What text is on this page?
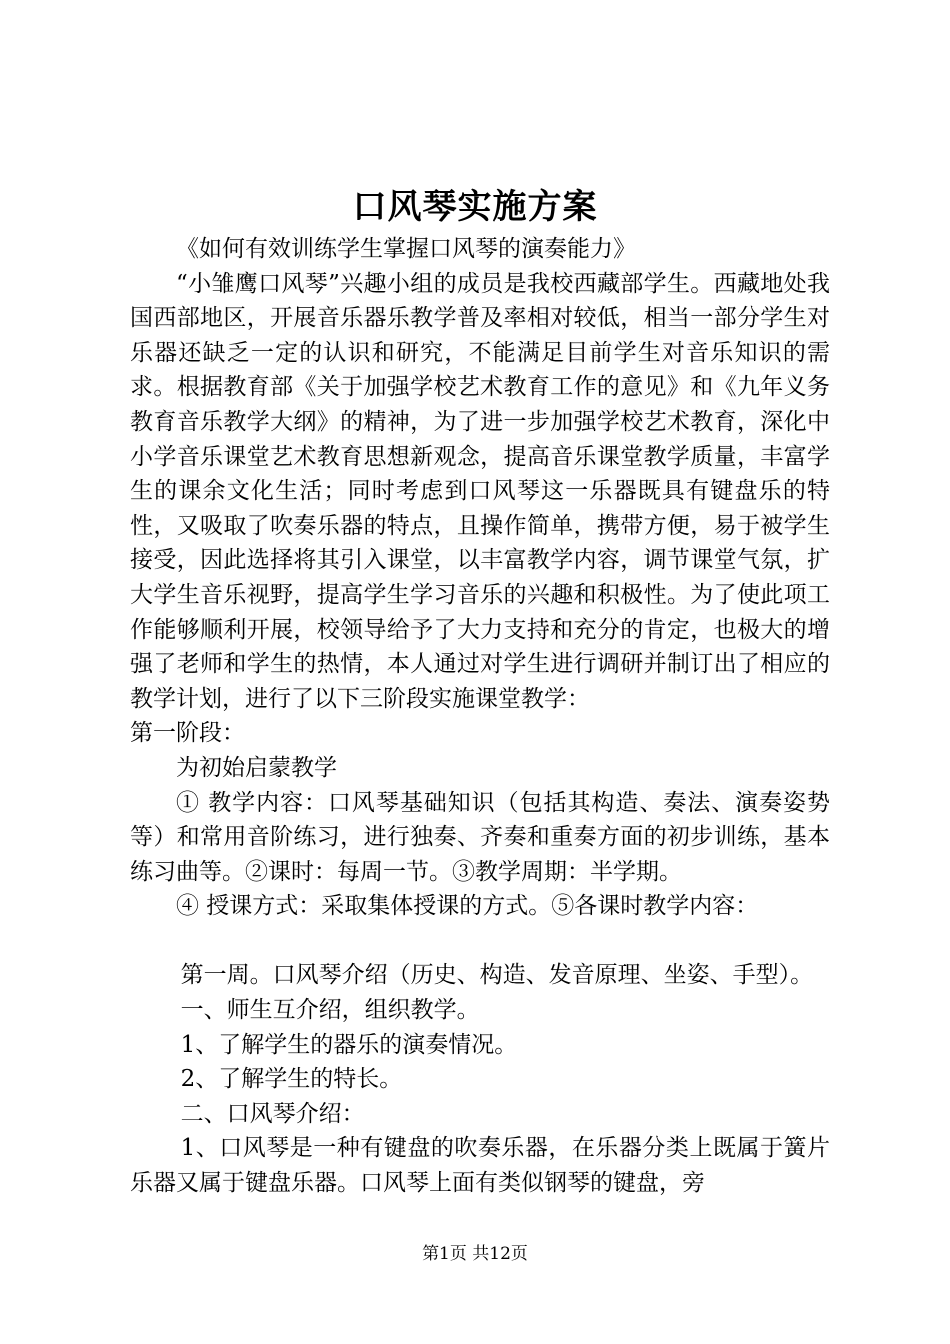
口风琴实施方案

《如何有效训练学生掌握口风琴的演奏能力》

“小雏鹰口风琴”兴趣小组的成员是我校西藏部学生。西藏地处我国西部地区，开展音乐器乐教学普及率相对较低，相当一部分学生对乐器还缺乏一定的认识和研究，不能满足目前学生对音乐知识的需求。根据教育部《关于加强学校艺术教育工作的意见》和《九年义务教育音乐教学大纲》的精神，为了进一步加强学校艺术教育，深化中小学音乐课堂艺术教育思想新观念，提高音乐课堂教学质量，丰富学生的课余文化生活；同时考虑到口风琴这一乐器既具有键盘乐的特性，又吸取了吹奏乐器的特点，且操作简单，携带方便，易于被学生接受，因此选择将其引入课堂，以丰富教学内容，调节课堂气氛，扩大学生音乐视野，提高学生学习音乐的兴趣和积极性。为了使此项工作能够顺利开展，校领导给予了大力支持和充分的肯定，也极大的增强了老师和学生的热情，本人通过对学生进行调研并制订出了相应的教学计划，进行了以下三阶段实施课堂教学：

第一阶段：

为初始启蒙教学

① 教学内容：口风琴基础知识（包括其构造、奏法、演奏姿势等）和常用音阶练习，进行独奏、齐奏和重奏方面的初步训练，基本练习曲等。②课时：每周一节。③教学周期：半学期。

④ 授课方式：采取集体授课的方式。⑤各课时教学内容：

第一周。口风琴介绍（历史、构造、发音原理、坐姿、手型）。

一、师生互介绍，组织教学。

1、了解学生的器乐的演奏情况。

2、了解学生的特长。

二、口风琴介绍：

1、口风琴是一种有键盘的吹奏乐器，在乐器分类上既属于簧片乐器又属于键盘乐器。口风琴上面有类似钢琴的键盘，旁

第1页 共12页
